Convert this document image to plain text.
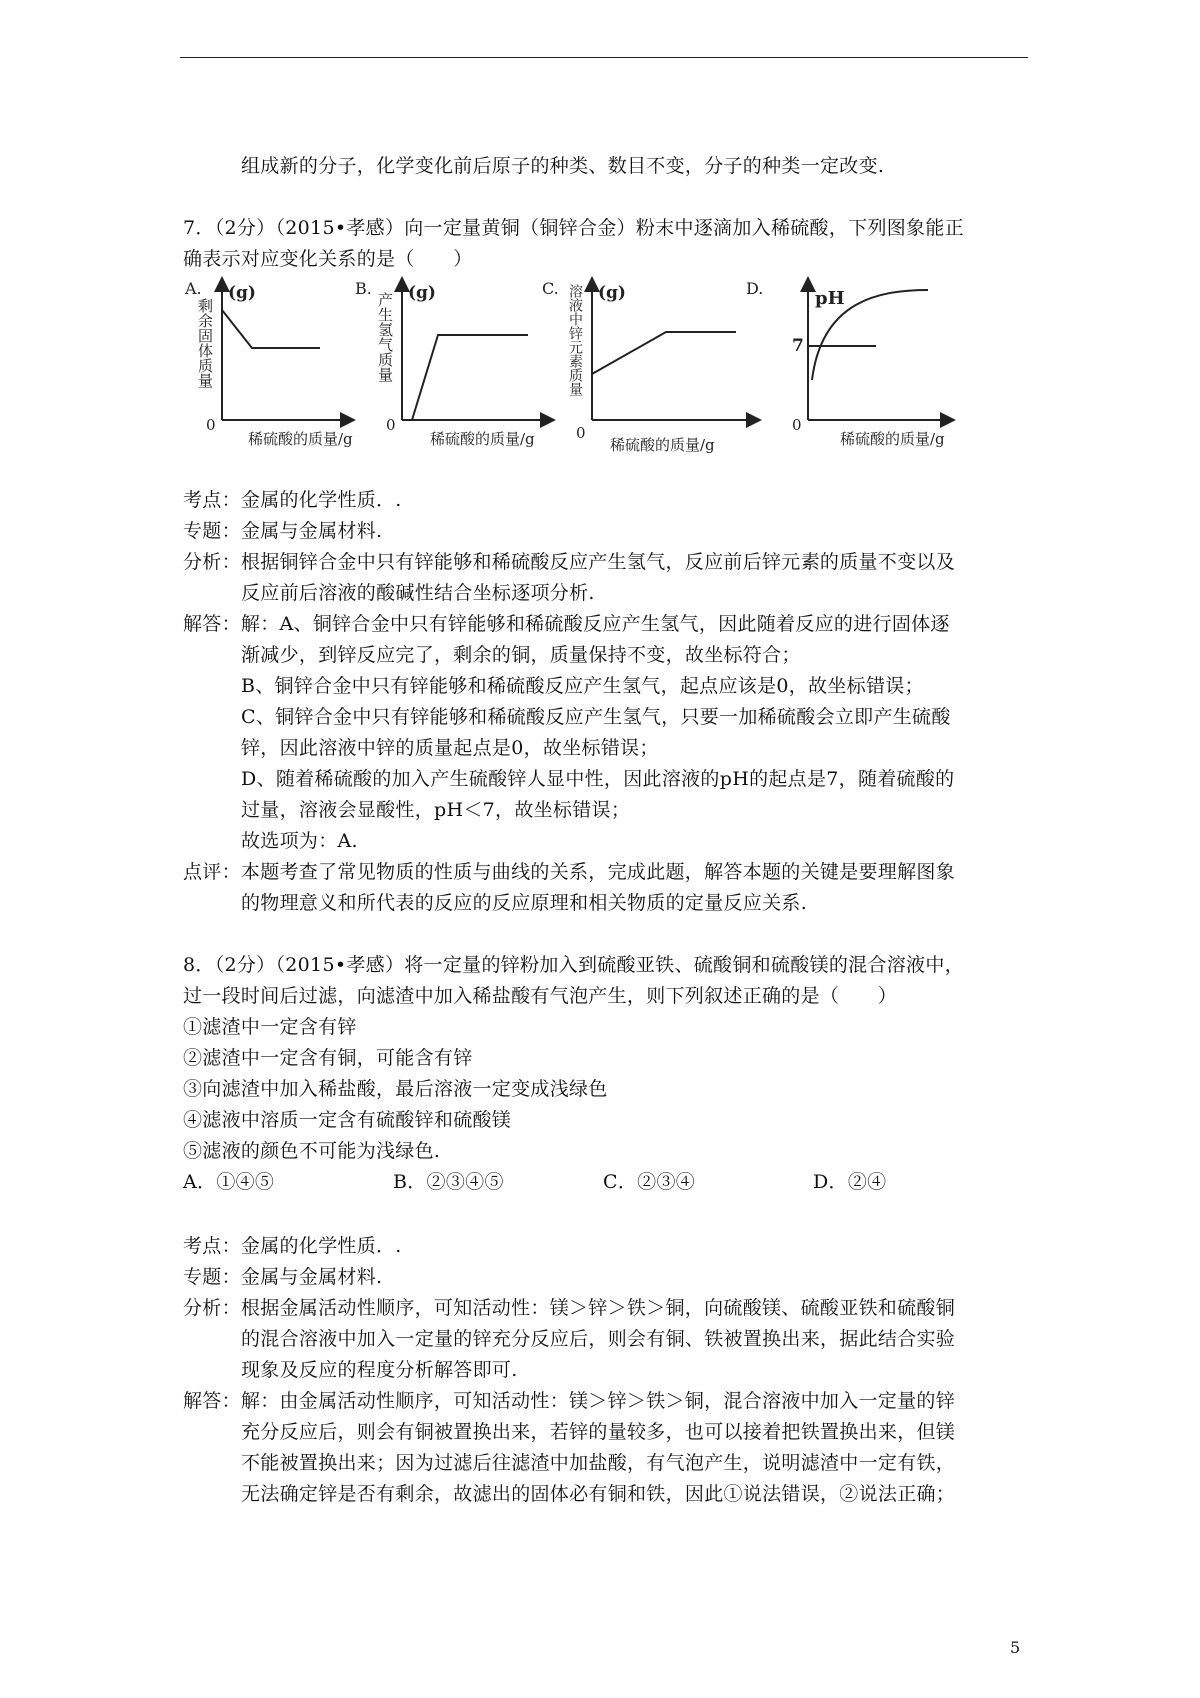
组成新的分子，化学变化前后原子的种类、数目不变，分子的种类一定改变.
7．（2分）（2015•孝感）向一定量黄铜（铜锌合金）粉末中逐滴加入稀硫酸，下列图象能正
确表示对应变化关系的是（　　）
A.
剩余固体质量
(g)
0
稀硫酸的质量/g
B.
产生氢气质量 (g)
0
稀硫酸的质量/g
C. 溶液中锌元素质量 (g)
0
稀硫酸的质量/g
D.	pH
7
0
稀硫酸的质量/g
考点：金属的化学性质．.
专题：金属与金属材料.
分析：根据铜锌合金中只有锌能够和稀硫酸反应产生氢气，反应前后锌元素的质量不变以及
反应前后溶液的酸碱性结合坐标逐项分析.
解答：解：A、铜锌合金中只有锌能够和稀硫酸反应产生氢气，因此随着反应的进行固体逐
渐减少，到锌反应完了，剩余的铜，质量保持不变，故坐标符合；
B、铜锌合金中只有锌能够和稀硫酸反应产生氢气，起点应该是0，故坐标错误；
C、铜锌合金中只有锌能够和稀硫酸反应产生氢气，只要一加稀硫酸会立即产生硫酸
锌，因此溶液中锌的质量起点是0，故坐标错误；
D、随着稀硫酸的加入产生硫酸锌人显中性，因此溶液的pH的起点是7，随着硫酸的
过量，溶液会显酸性，pH＜7，故坐标错误；
故选项为：A.
点评：本题考查了常见物质的性质与曲线的关系，完成此题，解答本题的关键是要理解图象
的物理意义和所代表的反应的反应原理和相关物质的定量反应关系.
8．（2分）（2015•孝感）将一定量的锌粉加入到硫酸亚铁、硫酸铜和硫酸镁的混合溶液中，
过一段时间后过滤，向滤渣中加入稀盐酸有气泡产生，则下列叙述正确的是（　　）
①滤渣中一定含有锌
②滤渣中一定含有铜，可能含有锌
③向滤渣中加入稀盐酸，最后溶液一定变成浅绿色
④滤液中溶质一定含有硫酸锌和硫酸镁
⑤滤液的颜色不可能为浅绿色.
A．①④⑤	B．②③④⑤	C．②③④	D．②④
考点：金属的化学性质．.
专题：金属与金属材料.
分析：根据金属活动性顺序，可知活动性：镁＞锌＞铁＞铜，向硫酸镁、硫酸亚铁和硫酸铜
的混合溶液中加入一定量的锌充分反应后，则会有铜、铁被置换出来，据此结合实验
现象及反应的程度分析解答即可.
解答：解：由金属活动性顺序，可知活动性：镁＞锌＞铁＞铜，混合溶液中加入一定量的锌
充分反应后，则会有铜被置换出来，若锌的量较多，也可以接着把铁置换出来，但镁
不能被置换出来；因为过滤后往滤渣中加盐酸，有气泡产生，说明滤渣中一定有铁，
无法确定锌是否有剩余，故滤出的固体必有铜和铁，因此①说法错误，②说法正确；
5
